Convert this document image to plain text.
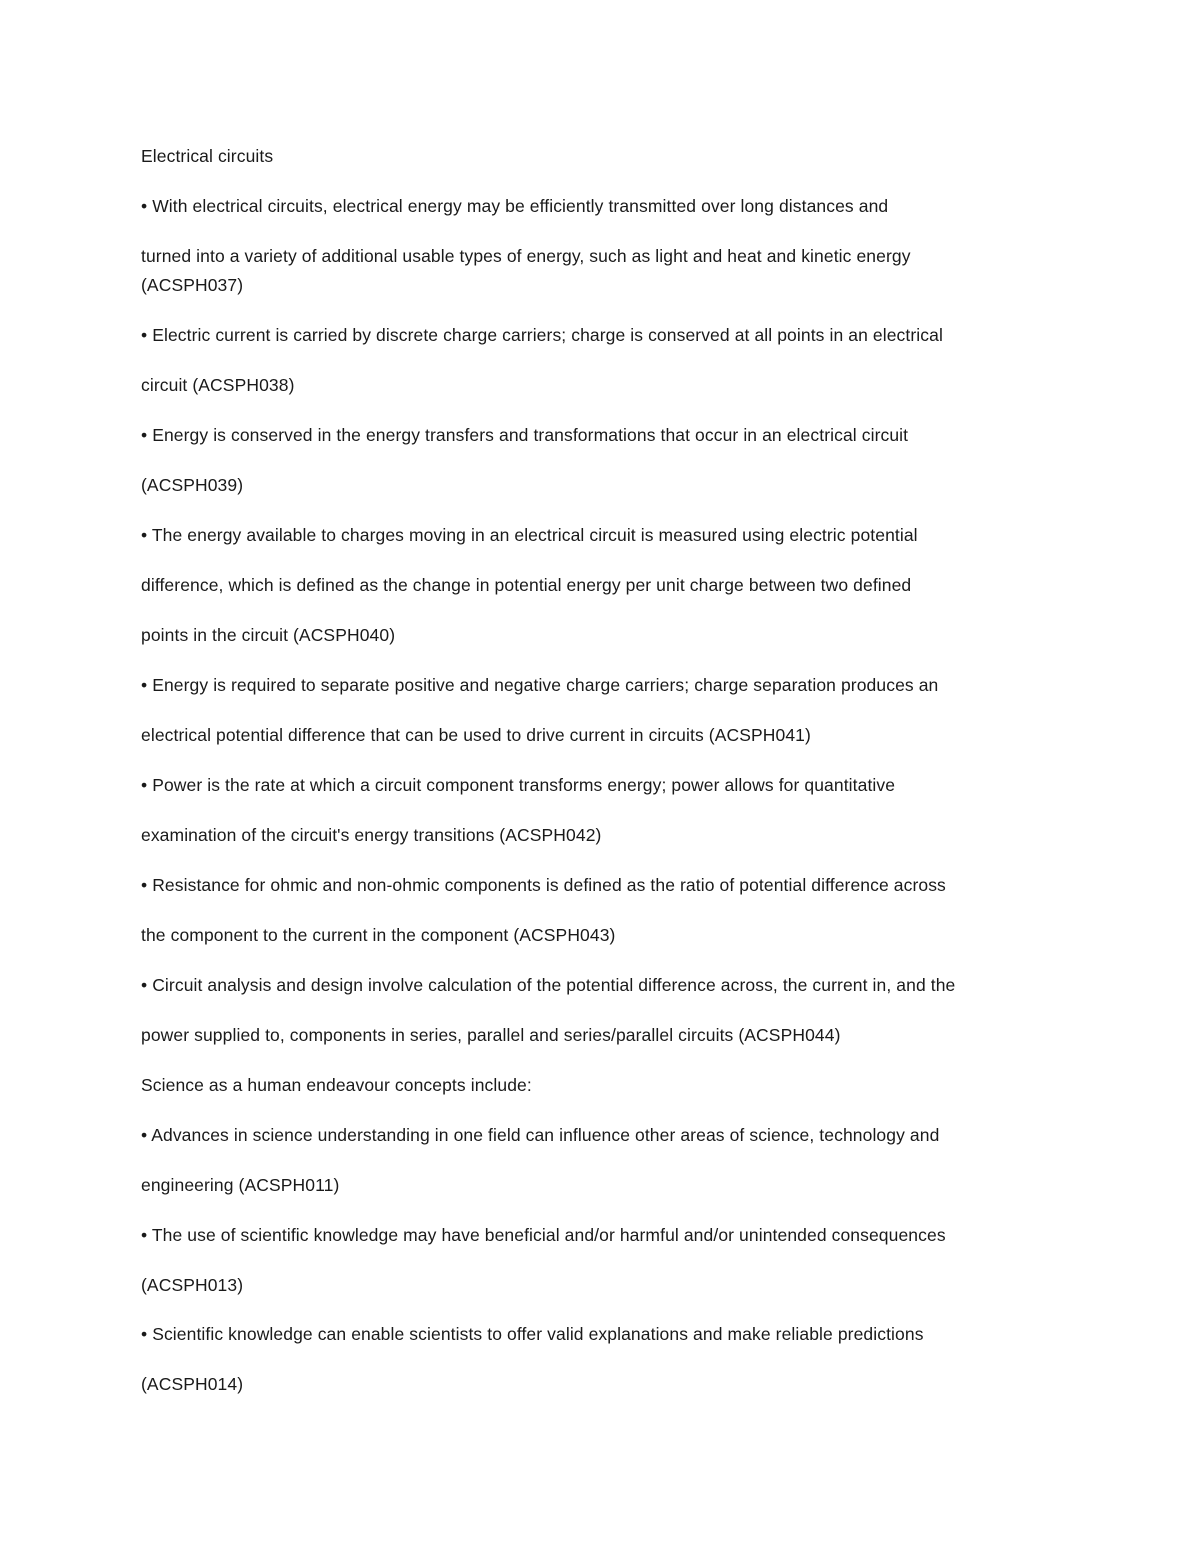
Electrical circuits
• With electrical circuits, electrical energy may be efficiently transmitted over long distances and
turned into a variety of additional usable types of energy, such as light and heat and kinetic energy
(ACSPH037)
• Electric current is carried by discrete charge carriers; charge is conserved at all points in an electrical
circuit (ACSPH038)
• Energy is conserved in the energy transfers and transformations that occur in an electrical circuit
(ACSPH039)
• The energy available to charges moving in an electrical circuit is measured using electric potential
difference, which is defined as the change in potential energy per unit charge between two defined
points in the circuit (ACSPH040)
• Energy is required to separate positive and negative charge carriers; charge separation produces an
electrical potential difference that can be used to drive current in circuits (ACSPH041)
• Power is the rate at which a circuit component transforms energy; power allows for quantitative
examination of the circuit's energy transitions (ACSPH042)
• Resistance for ohmic and non-ohmic components is defined as the ratio of potential difference across
the component to the current in the component (ACSPH043)
• Circuit analysis and design involve calculation of the potential difference across, the current in, and the
power supplied to, components in series, parallel and series/parallel circuits (ACSPH044)
Science as a human endeavour concepts include:
• Advances in science understanding in one field can influence other areas of science, technology and
engineering (ACSPH011)
• The use of scientific knowledge may have beneficial and/or harmful and/or unintended consequences
(ACSPH013)
• Scientific knowledge can enable scientists to offer valid explanations and make reliable predictions
(ACSPH014)
